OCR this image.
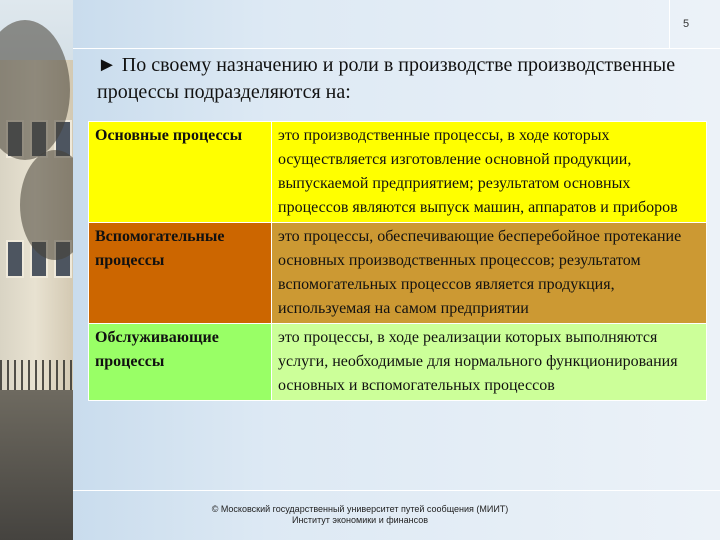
5
► По своему назначению и роли в производстве производственные процессы подразделяются на:
Основные процессы	это производственные процессы, в ходе которых осуществляется изготовление основной продукции, выпускаемой предприятием; результатом основных процессов являются выпуск машин, аппаратов и приборов
Вспомогательные процессы	это процессы, обеспечивающие бесперебойное протекание основных производственных процессов; результатом вспомогательных процессов является продукция, используемая на самом предприятии
Обслуживающие процессы	это процессы, в ходе реализации которых выполняются услуги, необходимые для нормального функционирования основных и вспомогательных процессов
© Московский государственный университет путей сообщения (МИИТ)
Институт экономики и финансов
